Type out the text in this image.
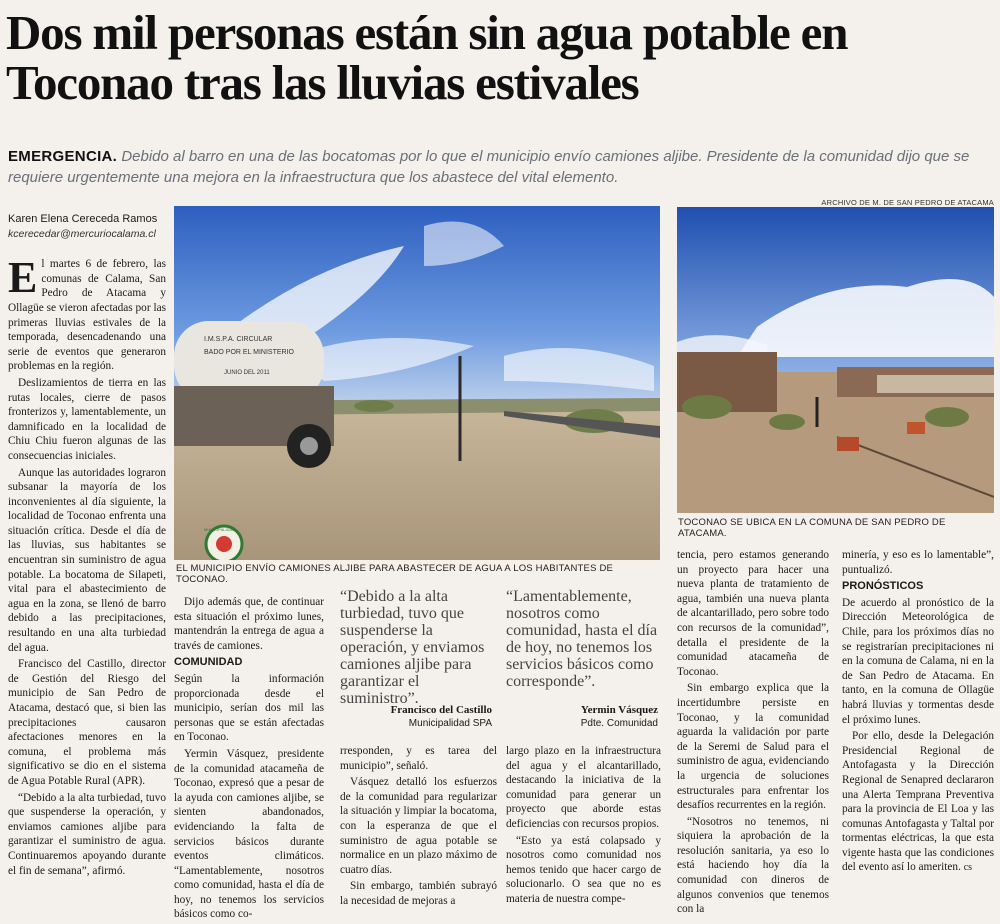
Dos mil personas están sin agua potable en Toconao tras las lluvias estivales
EMERGENCIA. Debido al barro en una de las bocatomas por lo que el municipio envío camiones aljibe. Presidente de la comunidad dijo que se requiere urgentemente una mejora en la infraestructura que los abastece del vital elemento.
Karen Elena Cereceda Ramos
kcerecedar@mercuriocalama.cl

El martes 6 de febrero, las comunas de Calama, San Pedro de Atacama y Ollagüe se vieron afectadas por las primeras lluvias estivales de la temporada, desencadenando una serie de eventos que generaron problemas en la región.

Deslizamientos de tierra en las rutas locales, cierre de pasos fronterizos y, lamentablemente, un damnificado en la localidad de Chiu Chiu fueron algunas de las consecuencias iniciales.

Aunque las autoridades lograron subsanar la mayoría de los inconvenientes al día siguiente, la localidad de Toconao enfrenta una situación crítica. Desde el día de las lluvias, sus habitantes se encuentran sin suministro de agua potable. La bocatoma de Silapeti, vital para el abastecimiento de agua en la zona, se llenó de barro debido a las precipitaciones, resultando en una alta turbiedad del agua.

Francisco del Castillo, director de Gestión del Riesgo del municipio de San Pedro de Atacama, destacó que, si bien las precipitaciones causaron afectaciones menores en la comuna, el problema más significativo se dio en el sistema de Agua Potable Rural (APR).

“Debido a la alta turbiedad, tuvo que suspenderse la operación, y enviamos camiones aljibe para garantizar el suministro de agua. Continuaremos apoyando durante el fin de semana”, afirmó.

I.M.S.P.A. CIRCULAR
BADO POR EL MINISTERIO
JUNIO DEL 2011
MUNICIPALIDAD
EL MUNICIPIO ENVÍO CAMIONES ALJIBE PARA ABASTECER DE AGUA A LOS HABITANTES DE TOCONAO.
ARCHIVO DE M. DE SAN PEDRO DE ATACAMA
TOCONAO SE UBICA EN LA COMUNA DE SAN PEDRO DE ATACAMA.

Dijo además que, de continuar esta situación el próximo lunes, mantendrán la entrega de agua a través de camiones.

COMUNIDAD

Según la información proporcionada desde el municipio, serían dos mil las personas que se están afectadas en Toconao.

Yermin Vásquez, presidente de la comunidad atacameña de Toconao, expresó que a pesar de la ayuda con camiones aljibe, se sienten abandonados, evidenciando la falta de servicios básicos durante eventos climáticos. “Lamentablemente, nosotros como comunidad, hasta el día de hoy, no tenemos los servicios básicos como co-

“Debido a la alta turbiedad, tuvo que suspenderse la operación, y enviamos camiones aljibe para garantizar el suministro”.
Francisco del Castillo
Municipalidad SPA
“Lamentablemente, nosotros como comunidad, hasta el día de hoy, no tenemos los servicios básicos como corresponde”.
Yermin Vásquez
Pdte. Comunidad

rresponden, y es tarea del municipio”, señaló.

Vásquez detalló los esfuerzos de la comunidad para regularizar la situación y limpiar la bocatoma, con la esperanza de que el suministro de agua potable se normalice en un plazo máximo de cuatro días.

Sin embargo, también subrayó la necesidad de mejoras a

largo plazo en la infraestructura del agua y el alcantarillado, destacando la iniciativa de la comunidad para generar un proyecto que aborde estas deficiencias con recursos propios.

“Esto ya está colapsado y nosotros como comunidad nos hemos tenido que hacer cargo de solucionarlo. O sea que no es materia de nuestra compe-

tencia, pero estamos generando un proyecto para hacer una nueva planta de tratamiento de agua, también una nueva planta de alcantarillado, pero sobre todo con recursos de la comunidad”, detalla el presidente de la comunidad atacameña de Toconao.

Sin embargo explica que la incertidumbre persiste en Toconao, y la comunidad aguarda la validación por parte de la Seremi de Salud para el suministro de agua, evidenciando la urgencia de soluciones estructurales para enfrentar los desafíos recurrentes en la región.

“Nosotros no tenemos, ni siquiera la aprobación de la resolución sanitaria, ya eso lo está haciendo hoy día la comunidad con dineros de algunos convenios que tenemos con la

minería, y eso es lo lamentable”, puntualizó.

PRONÓSTICOS

De acuerdo al pronóstico de la Dirección Meteorológica de Chile, para los próximos días no se registrarían precipitaciones ni en la comuna de Calama, ni en la de San Pedro de Atacama. En tanto, en la comuna de Ollagüe habrá lluvias y tormentas desde el próximo lunes.

Por ello, desde la Delegación Presidencial Regional de Antofagasta y la Dirección Regional de Senapred declararon una Alerta Temprana Preventiva para la provincia de El Loa y las comunas Antofagasta y Taltal por tormentas eléctricas, la que esta vigente hasta que las condiciones del evento así lo ameriten. cs
